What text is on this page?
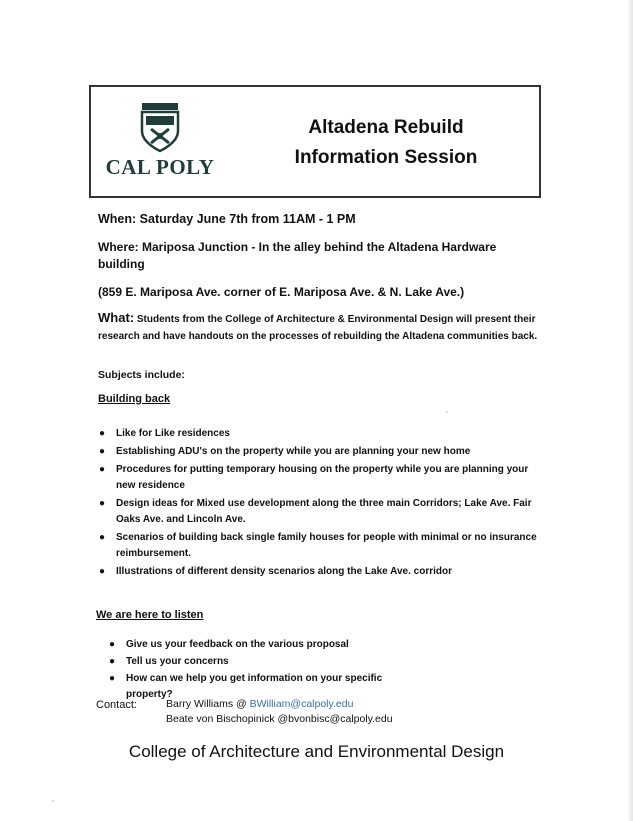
CAL POLY
Altadena Rebuild
Information Session
When: Saturday June 7th from 11AM - 1 PM
Where: Mariposa Junction - In the alley behind the Altadena Hardware building
(859 E. Mariposa Ave. corner of E. Mariposa Ave. & N. Lake Ave.)
What: Students from the College of Architecture & Environmental Design will present their research and have handouts on the processes of rebuilding the Altadena communities back.
Subjects include:
Building back
● Like for Like residences
● Establishing ADU's on the property while you are planning your new home
● Procedures for putting temporary housing on the property while you are planning your new residence
● Design ideas for Mixed use development along the three main Corridors; Lake Ave. Fair Oaks Ave. and Lincoln Ave.
● Scenarios of building back single family houses for people with minimal or no insurance reimbursement.
● Illustrations of different density scenarios along the Lake Ave. corridor
We are here to listen
● Give us your feedback on the various proposal
● Tell us your concerns
● How can we help you get information on your specific property?
Contact:	Barry Williams @ BWilliam@calpoly.edu
Beate von Bischopinick @bvonbisc@calpoly.edu
College of Architecture and Environmental Design
